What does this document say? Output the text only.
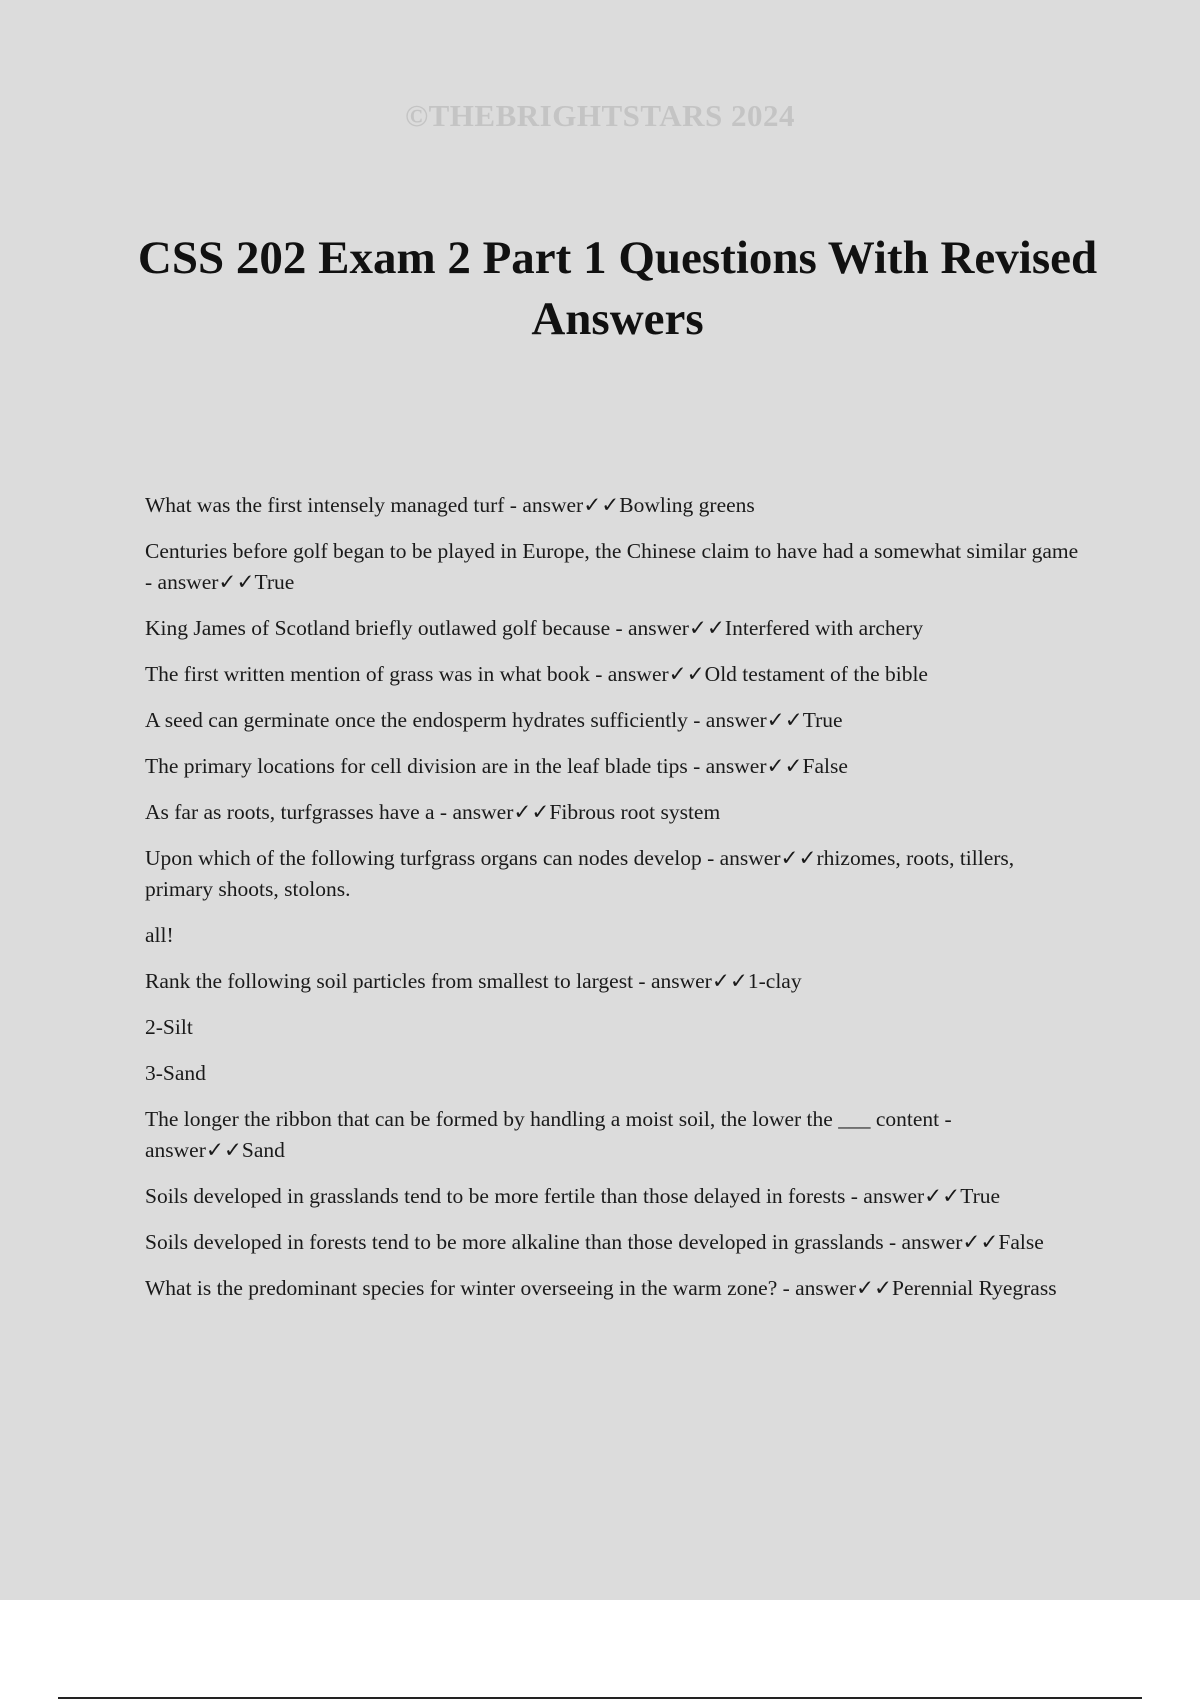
©THEBRIGHTSTARS 2024
CSS 202 Exam 2 Part 1 Questions With Revised Answers

What was the first intensely managed turf - answer✓✓Bowling greens

Centuries before golf began to be played in Europe, the Chinese claim to have had a somewhat similar game - answer✓✓True

King James of Scotland briefly outlawed golf because - answer✓✓Interfered with archery

The first written mention of grass was in what book - answer✓✓Old testament of the bible

A seed can germinate once the endosperm hydrates sufficiently - answer✓✓True

The primary locations for cell division are in the leaf blade tips - answer✓✓False

As far as roots, turfgrasses have a - answer✓✓Fibrous root system

Upon which of the following turfgrass organs can nodes develop - answer✓✓rhizomes, roots, tillers, primary shoots, stolons.

all!

Rank the following soil particles from smallest to largest - answer✓✓1-clay

2-Silt

3-Sand

The longer the ribbon that can be formed by handling a moist soil, the lower the ___ content - answer✓✓Sand

Soils developed in grasslands tend to be more fertile than those delayed in forests - answer✓✓True

Soils developed in forests tend to be more alkaline than those developed in grasslands - answer✓✓False

What is the predominant species for winter overseeing in the warm zone? - answer✓✓Perennial Ryegrass
